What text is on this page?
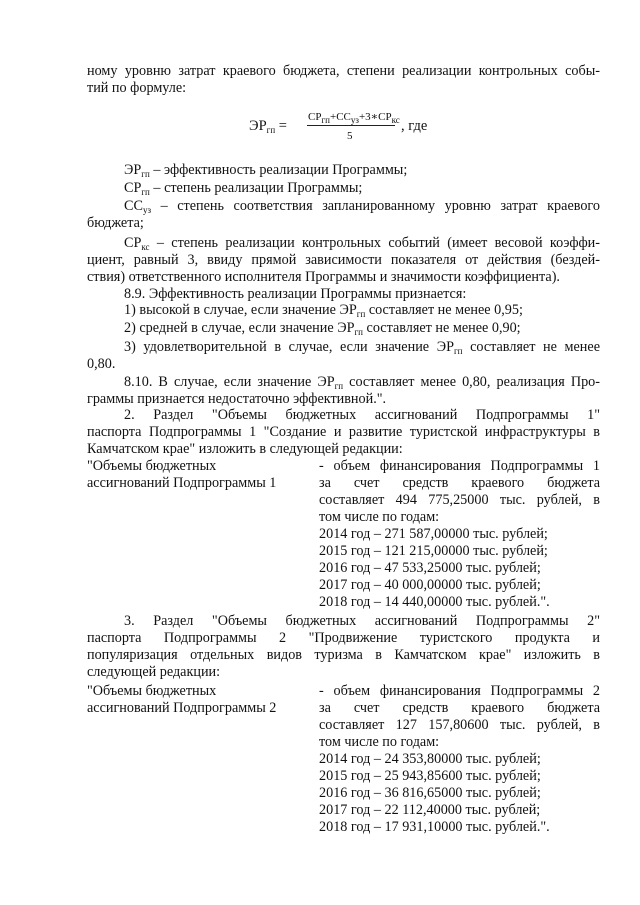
ному уровню затрат краевого бюджета, степени реализации контрольных собы-
тий по формуле:
$ЭР_{гп}$ =
$СР_{гп}+СС_{уз}+3∗СР_{кс}$
5
, где
$ЭР_{гп}$ – эффективность реализации Программы;
$СР_{гп}$ – степень реализации Программы;
$СС_{уз}$ – степень соответствия запланированному уровню затрат краевого
бюджета;
$СР_{кс}$ – степень реализации контрольных событий (имеет весовой коэффи-
циент, равный 3, ввиду прямой зависимости показателя от действия (бездей-
ствия) ответственного исполнителя Программы и значимости коэффициента).
8.9. Эффективность реализации Программы признается:
1) высокой в случае, если значение $ЭР_{гп}$ составляет не менее 0,95;
2) средней в случае, если значение $ЭР_{гп}$ составляет не менее 0,90;
3) удовлетворительной в случае, если значение $ЭР_{гп}$ составляет не менее
0,80.
8.10. В случае, если значение $ЭР_{гп}$ составляет менее 0,80, реализация Про-
граммы признается недостаточно эффективной.".
2. Раздел "Объемы бюджетных ассигнований Подпрограммы 1"
паспорта Подпрограммы 1 "Создание и развитие туристской инфраструктуры в
Камчатском крае" изложить в следующей редакции:
"Объемы бюджетных
ассигнований Подпрограммы 1
- объем финансирования Подпрограммы 1
за счет средств краевого бюджета
составляет 494 775,25000 тыс. рублей, в
том числе по годам:
2014 год – 271 587,00000 тыс. рублей;
2015 год – 121 215,00000 тыс. рублей;
2016 год – 47 533,25000 тыс. рублей;
2017 год – 40 000,00000 тыс. рублей;
2018 год – 14 440,00000 тыс. рублей.".
3. Раздел "Объемы бюджетных ассигнований Подпрограммы 2"
паспорта Подпрограммы 2 "Продвижение туристского продукта и
популяризация отдельных видов туризма в Камчатском крае" изложить в
следующей редакции:
"Объемы бюджетных
ассигнований Подпрограммы 2
- объем финансирования Подпрограммы 2
за счет средств краевого бюджета
составляет 127 157,80600 тыс. рублей, в
том числе по годам:
2014 год – 24 353,80000 тыс. рублей;
2015 год – 25 943,85600 тыс. рублей;
2016 год – 36 816,65000 тыс. рублей;
2017 год – 22 112,40000 тыс. рублей;
2018 год – 17 931,10000 тыс. рублей.".
